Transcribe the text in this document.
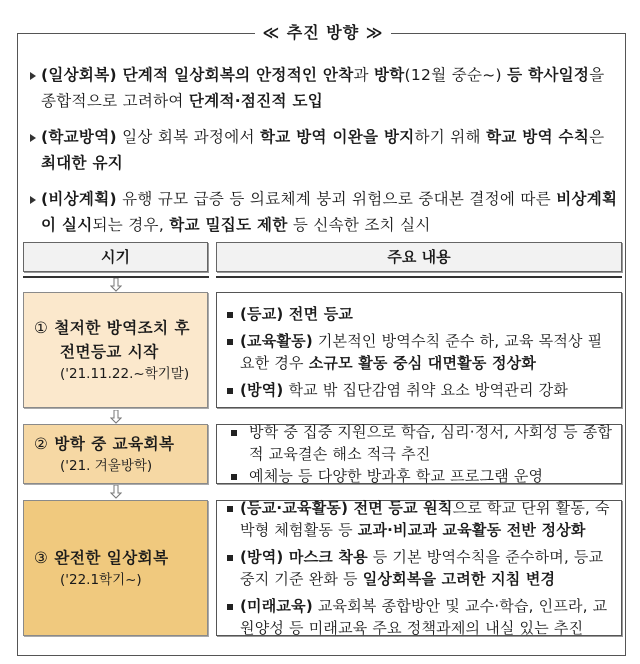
≪ 추진 방향 ≫
(일상회복) 단계적 일상회복의 안정적인 안착과 방학(12월 중순~) 등 학사일정을 종합적으로 고려하여 단계적·점진적 도입
(학교방역) 일상 회복 과정에서 학교 방역 이완을 방지하기 위해 학교 방역 수칙은 최대한 유지
(비상계획) 유행 규모 급증 등 의료체계 붕괴 위험으로 중대본 결정에 따른 비상계획이 실시되는 경우, 학교 밀집도 제한 등 신속한 조치 실시
시기	주요 내용
① 철저한 방역조치 후
전면등교 시작
('21.11.22.~학기말)
(등교) 전면 등교
(교육활동) 기본적인 방역수칙 준수 하, 교육 목적상 필요한 경우 소규모 활동 중심 대면활동 정상화
(방역) 학교 밖 집단감염 취약 요소 방역관리 강화
② 방학 중 교육회복
('21. 겨울방학)
방학 중 집중 지원으로 학습, 심리·정서, 사회성 등 종합적 교육결손 해소 적극 추진
예체능 등 다양한 방과후 학교 프로그램 운영
③ 완전한 일상회복
('22.1학기~)
(등교·교육활동) 전면 등교 원칙으로 학교 단위 활동, 숙박형 체험활동 등 교과·비교과 교육활동 전반 정상화
(방역) 마스크 착용 등 기본 방역수칙을 준수하며, 등교 중지 기준 완화 등 일상회복을 고려한 지침 변경
(미래교육) 교육회복 종합방안 및 교수·학습, 인프라, 교원양성 등 미래교육 주요 정책과제의 내실 있는 추진
